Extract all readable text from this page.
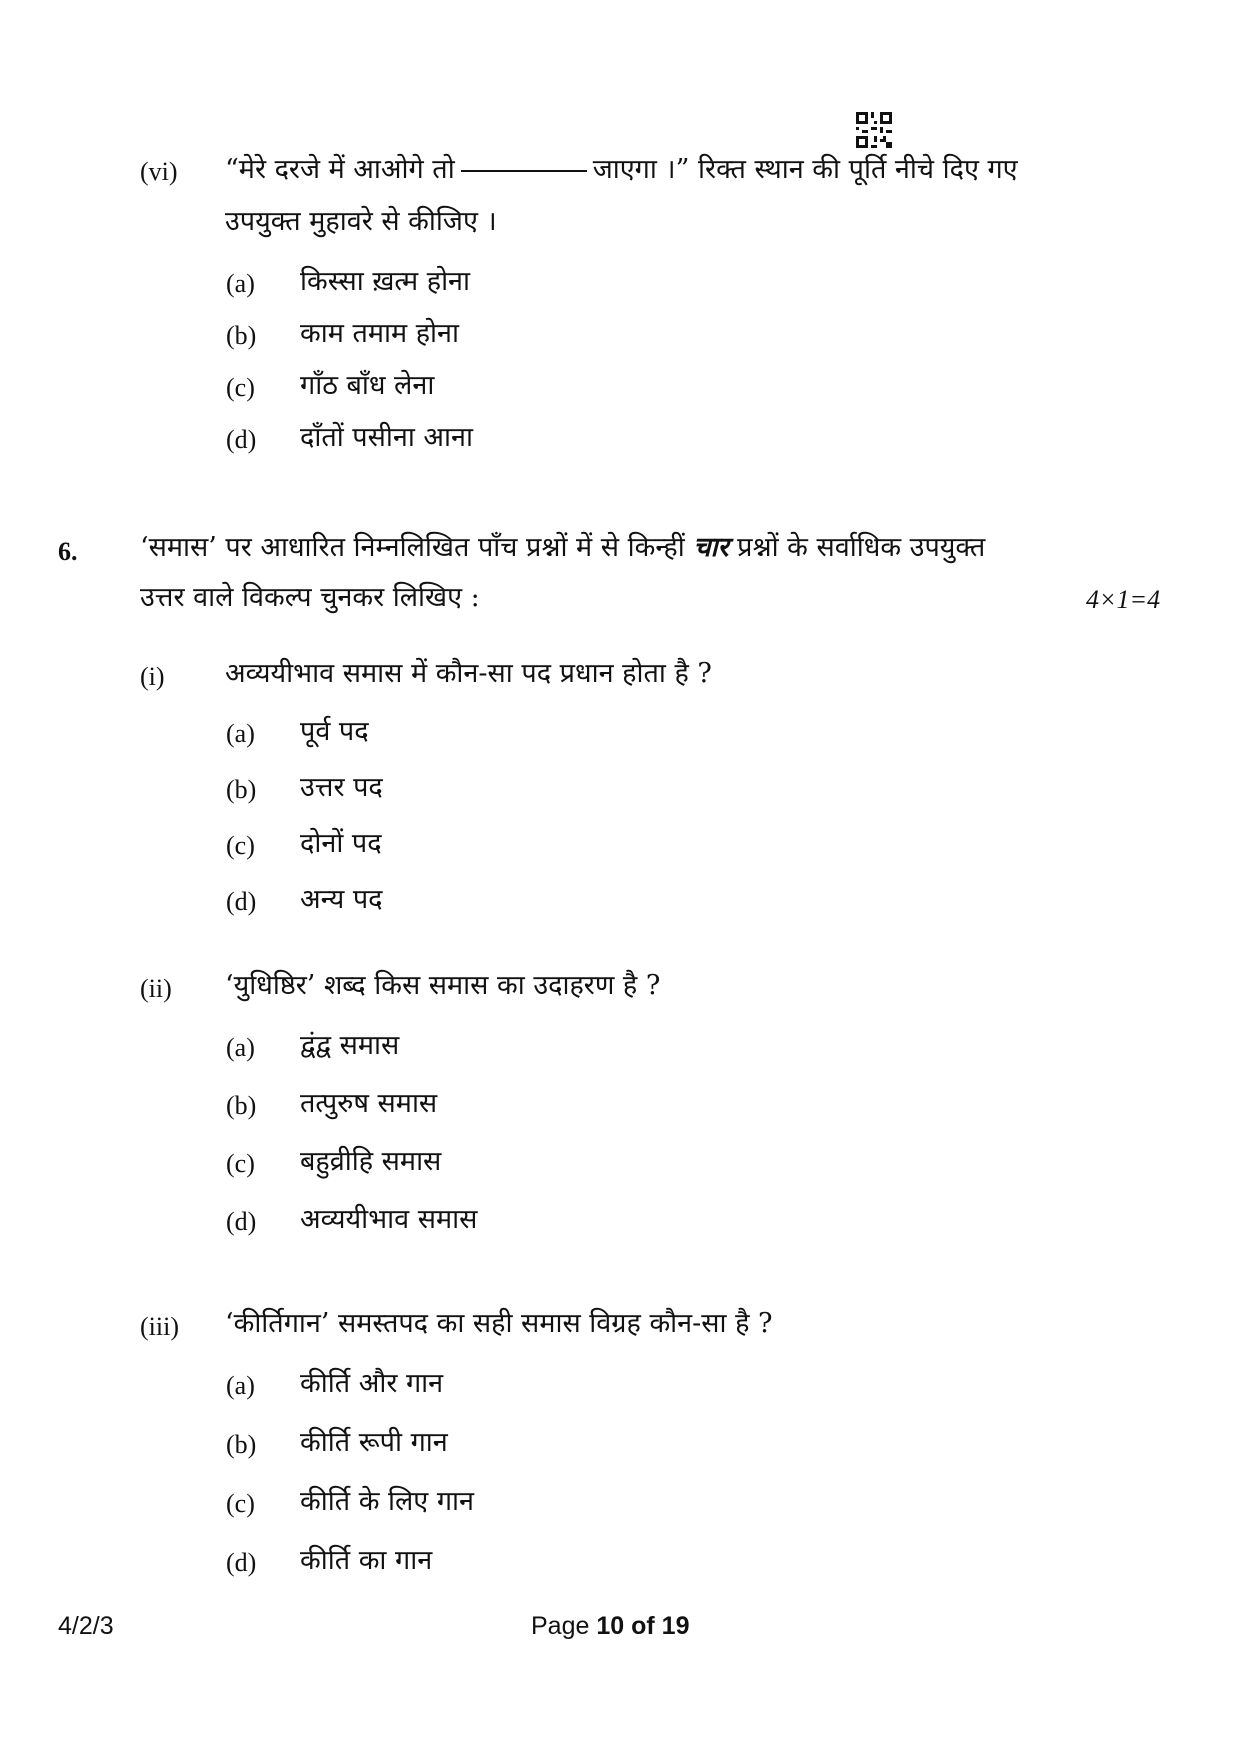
(vi) “मेरे दरजे में आओगे तो	जाएगा ।” रिक्त स्थान की पूर्ति नीचे दिए गए
उपयुक्त मुहावरे से कीजिए ।
(a) किस्सा ख़त्म होना
(b) काम तमाम होना
(c) गाँठ बाँध लेना
(d) दाँतों पसीना आना
6. ‘समास’ पर आधारित निम्नलिखित पाँच प्रश्नों में से किन्हीं चार प्रश्नों के सर्वाधिक उपयुक्त
उत्तर वाले विकल्प चुनकर लिखिए :	4×1=4
(i) अव्ययीभाव समास में कौन-सा पद प्रधान होता है ?
(a) पूर्व पद
(b) उत्तर पद
(c) दोनों पद
(d) अन्य पद
(ii) ‘युधिष्ठिर’ शब्द किस समास का उदाहरण है ?
(a) द्वंद्व समास
(b) तत्पुरुष समास
(c) बहुव्रीहि समास
(d) अव्ययीभाव समास
(iii) ‘कीर्तिगान’ समस्तपद का सही समास विग्रह कौन-सा है ?
(a) कीर्ति और गान
(b) कीर्ति रूपी गान
(c) कीर्ति के लिए गान
(d) कीर्ति का गान
4/2/3	Page 10 of 19
